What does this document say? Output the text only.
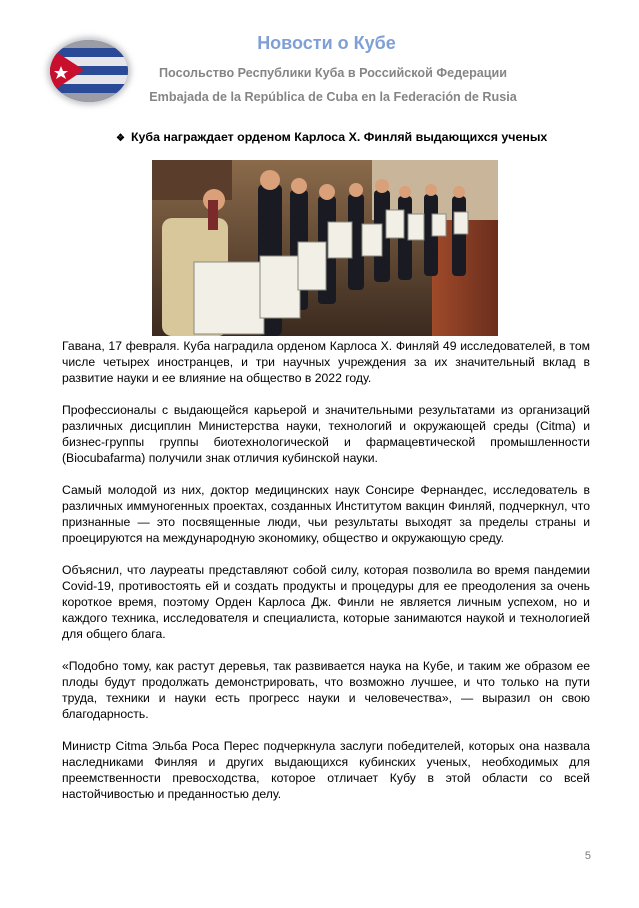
Новости о Кубе
Посольство Республики Куба в Российской Федерации
Embajada de la República de Cuba en la Federación de Rusia
❖ Куба награждает орденом Карлоса Х. Финляй выдающихся ученых

Гавана, 17 февраля. Куба наградила орденом Карлоса Х. Финляй 49 исследователей, в том числе четырех иностранцев, и три научных учреждения за их значительный вклад в развитие науки и ее влияние на общество в 2022 году.

Профессионалы с выдающейся карьерой и значительными результатами из организаций различных дисциплин Министерства науки, технологий и окружающей среды (Citma) и бизнес-группы группы биотехнологической и фармацевтической промышленности (Biocubafarma) получили знак отличия кубинской науки.

Самый молодой из них, доктор медицинских наук Сонсире Фернандес, исследователь в различных иммуногенных проектах, созданных Институтом вакцин Финляй, подчеркнул, что признанные — это посвященные люди, чьи результаты выходят за пределы страны и проецируются на международную экономику, общество и окружающую среду.

Объяснил, что лауреаты представляют собой силу, которая позволила во время пандемии Covid-19, противостоять ей и создать продукты и процедуры для ее преодоления за очень короткое время, поэтому Орден Карлоса Дж. Финли не является личным успехом, но и каждого техника, исследователя и специалиста, которые занимаются наукой и технологией для общего блага.

«Подобно тому, как растут деревья, так развивается наука на Кубе, и таким же образом ее плоды будут продолжать демонстрировать, что возможно лучшее, и что только на пути труда, техники и науки есть прогресс науки и человечества», — выразил он свою благодарность.

Министр Citma Эльба Роса Перес подчеркнула заслуги победителей, которых она назвала наследниками Финляя и других выдающихся кубинских ученых, необходимых для преемственности превосходства, которое отличает Кубу в этой области со всей настойчивостью и преданностью делу.

5
